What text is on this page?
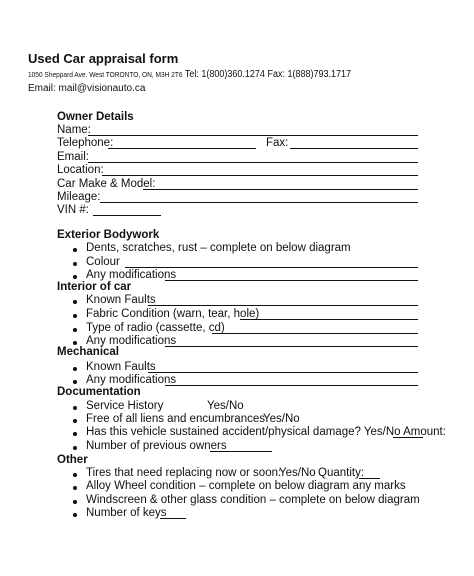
Used Car appraisal form
1050 Sheppard Ave. West TORONTO, ON, M3H 2T6 Tel: 1(800)360.1274 Fax: 1(888)793.1717
Email: mail@visionauto.ca
Owner Details
Name:
Telephone:	Fax:
Email:
Location:
Car Make & Model:
Mileage:
VIN #:
Exterior Bodywork
Dents, scratches, rust – complete on below diagram
Colour
Any modifications
Interior of car
Known Faults
Fabric Condition (warn, tear, hole)
Type of radio (cassette, cd)
Any modifications
Mechanical
Known Faults
Any modifications
Documentation
Service History	Yes/No
Free of all liens and encumbrances
Yes/No
Has this vehicle sustained accident/physical damage? Yes/No Amount:
Number of previous owners
Other
Tires that need replacing now or soon:
Yes/No Quantity:
Alloy Wheel condition – complete on below diagram any marks
Windscreen & other glass condition – complete on below diagram
Number of keys
